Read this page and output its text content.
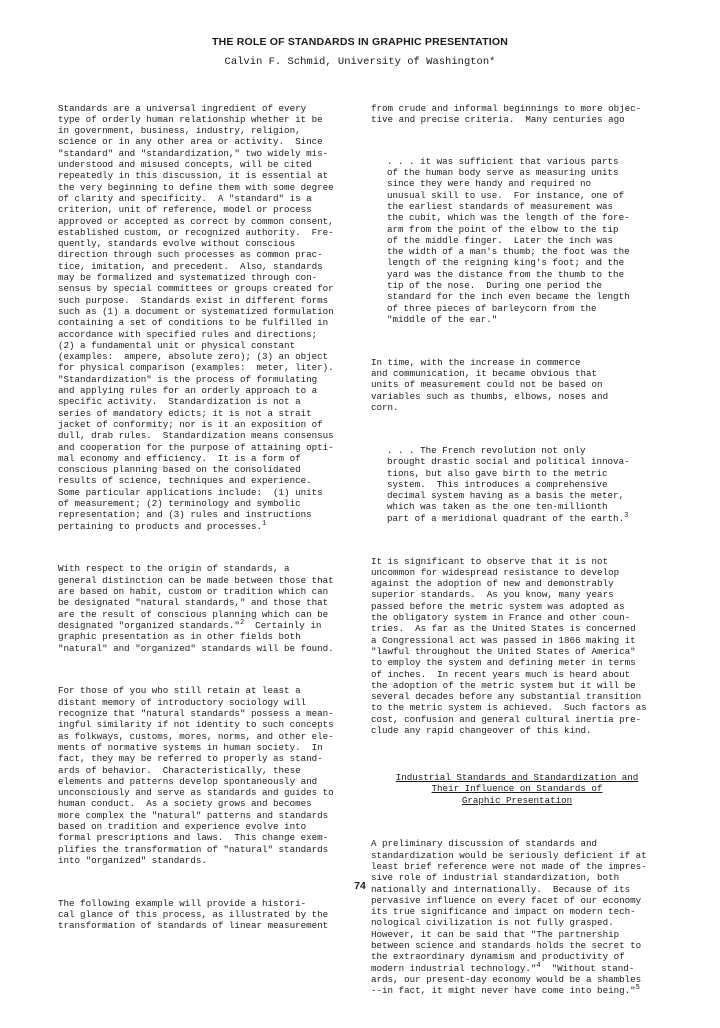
THE ROLE OF STANDARDS IN GRAPHIC PRESENTATION
Calvin F. Schmid, University of Washington*

Standards are a universal ingredient of every
type of orderly human relationship whether it be
in government, business, industry, religion,
science or in any other area or activity.  Since
"standard" and "standardization," two widely mis-
understood and misused concepts, will be cited
repeatedly in this discussion, it is essential at
the very beginning to define them with some degree
of clarity and specificity.  A "standard" is a
criterion, unit of reference, model or process
approved or accepted as correct by common consent,
established custom, or recognized authority.  Fre-
quently, standards evolve without conscious
direction through such processes as common prac-
tice, imitation, and precedent.  Also, standards
may be formalized and systematized through con-
sensus by special committees or groups created for
such purpose.  Standards exist in different forms
such as (1) a document or systematized formulation
containing a set of conditions to be fulfilled in
accordance with specified rules and directions;
(2) a fundamental unit or physical constant
(examples:  ampere, absolute zero); (3) an object
for physical comparison (examples:  meter, liter).
"Standardization" is the process of formulating
and applying rules for an orderly approach to a
specific activity.  Standardization is not a
series of mandatory edicts; it is not a strait
jacket of conformity; nor is it an exposition of
dull, drab rules.  Standardization means consensus
and cooperation for the purpose of attaining opti-
mal economy and efficiency.  It is a form of
conscious planning based on the consolidated
results of science, techniques and experience.
Some particular applications include:  (1) units
of measurement; (2) terminology and symbolic
representation; and (3) rules and instructions
pertaining to products and processes.$^1$

With respect to the origin of standards, a
general distinction can be made between those that
are based on habit, custom or tradition which can
be designated "natural standards," and those that
are the result of conscious planning which can be
designated "organized standards."$^2$  Certainly in
graphic presentation as in other fields both
"natural" and "organized" standards will be found.

For those of you who still retain at least a
distant memory of introductory sociology will
recognize that "natural standards" possess a mean-
ingful similarity if not identity to such concepts
as folkways, customs, mores, norms, and other ele-
ments of normative systems in human society.  In
fact, they may be referred to properly as stand-
ards of behavior.  Characteristically, these
elements and patterns develop spontaneously and
unconsciously and serve as standards and guides to
human conduct.  As a society grows and becomes
more complex the "natural" patterns and standards
based on tradition and experience evolve into
formal prescriptions and laws.  This change exem-
plifies the transformation of "natural" standards
into "organized" standards.

The following example will provide a histori-
cal glance of this process, as illustrated by the
transformation of standards of linear measurement

from crude and informal beginnings to more objec-
tive and precise criteria.  Many centuries ago

. . . it was sufficient that various parts
of the human body serve as measuring units
since they were handy and required no
unusual skill to use.  For instance, one of
the earliest standards of measurement was
the cubit, which was the length of the fore-
arm from the point of the elbow to the tip
of the middle finger.  Later the inch was
the width of a man's thumb; the foot was the
length of the reigning king's foot; and the
yard was the distance from the thumb to the
tip of the nose.  During one period the
standard for the inch even became the length
of three pieces of barleycorn from the
"middle of the ear."

In time, with the increase in commerce
and communication, it became obvious that
units of measurement could not be based on
variables such as thumbs, elbows, noses and
corn.

. . . The French revolution not only
brought drastic social and political innova-
tions, but also gave birth to the metric
system.  This introduces a comprehensive
decimal system having as a basis the meter,
which was taken as the one ten-millionth
part of a meridional quadrant of the earth.$^3$

It is significant to observe that it is not
uncommon for widespread resistance to develop
against the adoption of new and demonstrably
superior standards.  As you know, many years
passed before the metric system was adopted as
the obligatory system in France and other coun-
tries.  As far as the United States is concerned
a Congressional act was passed in 1866 making it
"lawful throughout the United States of America"
to employ the system and defining meter in terms
of inches.  In recent years much is heard about
the adoption of the metric system but it will be
several decades before any substantial transition
to the metric system is achieved.  Such factors as
cost, confusion and general cultural inertia pre-
clude any rapid changeover of this kind.

Industrial Standards and Standardization and
Their Influence on Standards of
Graphic Presentation

A preliminary discussion of standards and
standardization would be seriously deficient if at
least brief reference were not made of the impres-
sive role of industrial standardization, both
nationally and internationally.  Because of its
pervasive influence on every facet of our economy
its true significance and impact on modern tech-
nological civilization is not fully grasped.
However, it can be said that "The partnership
between science and standards holds the secret to
the extraordinary dynamism and productivity of
modern industrial technology."$^4$  "Without stand-
ards, our present-day economy would be a shambles
--in fact, it might never have come into being."$^5$

74
